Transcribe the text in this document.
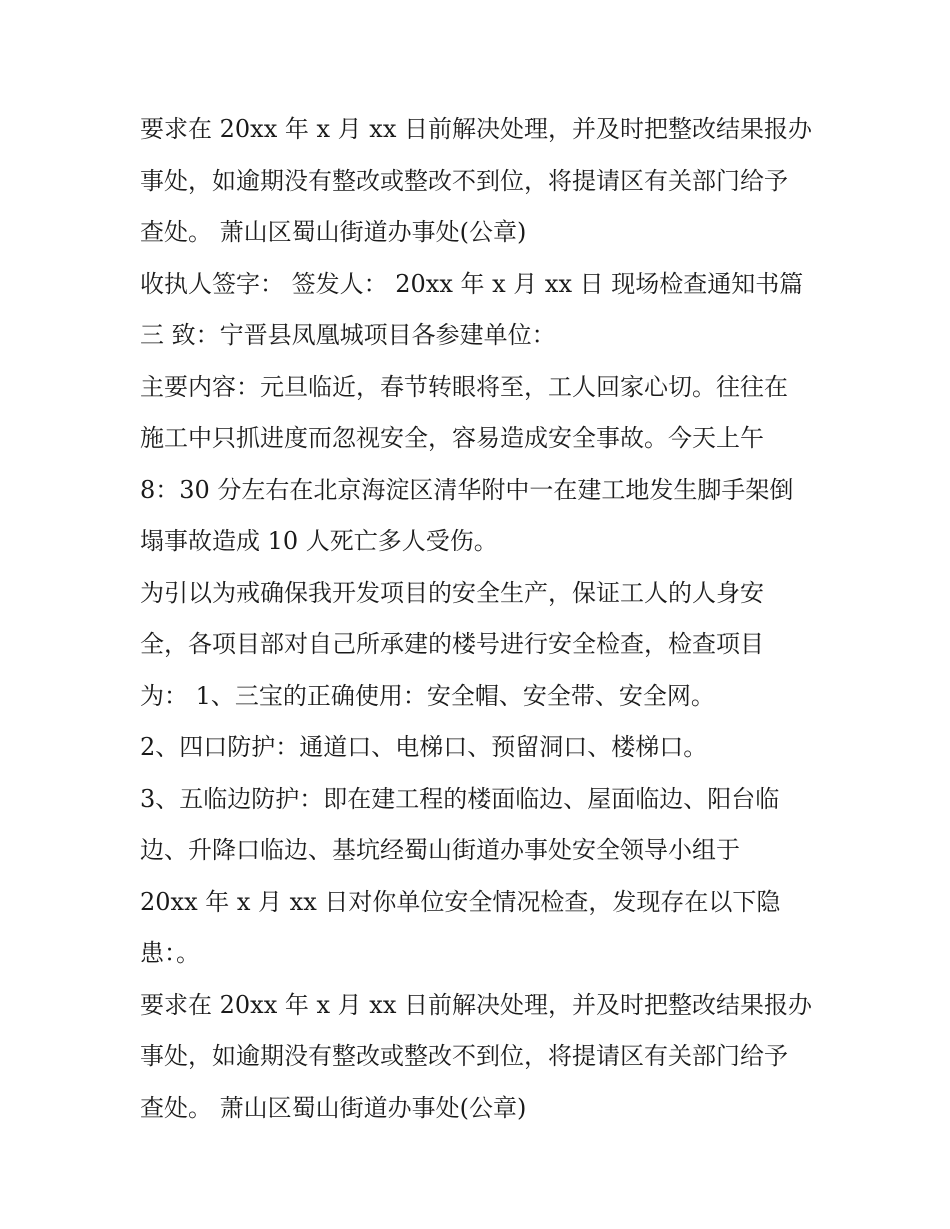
要求在 20xx 年 x 月 xx 日前解决处理，并及时把整改结果报办
事处，如逾期没有整改或整改不到位，将提请区有关部门给予
查处。 萧山区蜀山街道办事处(公章)
收执人签字： 签发人： 20xx 年 x 月 xx 日 现场检查通知书篇
三 致：宁晋县凤凰城项目各参建单位：
主要内容：元旦临近，春节转眼将至，工人回家心切。往往在
施工中只抓进度而忽视安全，容易造成安全事故。今天上午
8：30 分左右在北京海淀区清华附中一在建工地发生脚手架倒
塌事故造成 10 人死亡多人受伤。
为引以为戒确保我开发项目的安全生产，保证工人的人身安
全，各项目部对自己所承建的楼号进行安全检查，检查项目
为： 1、三宝的正确使用：安全帽、安全带、安全网。
2、四口防护：通道口、电梯口、预留洞口、楼梯口。
3、五临边防护：即在建工程的楼面临边、屋面临边、阳台临
边、升降口临边、基坑经蜀山街道办事处安全领导小组于
20xx 年 x 月 xx 日对你单位安全情况检查，发现存在以下隐
患：。
要求在 20xx 年 x 月 xx 日前解决处理，并及时把整改结果报办
事处，如逾期没有整改或整改不到位，将提请区有关部门给予
查处。 萧山区蜀山街道办事处(公章)
